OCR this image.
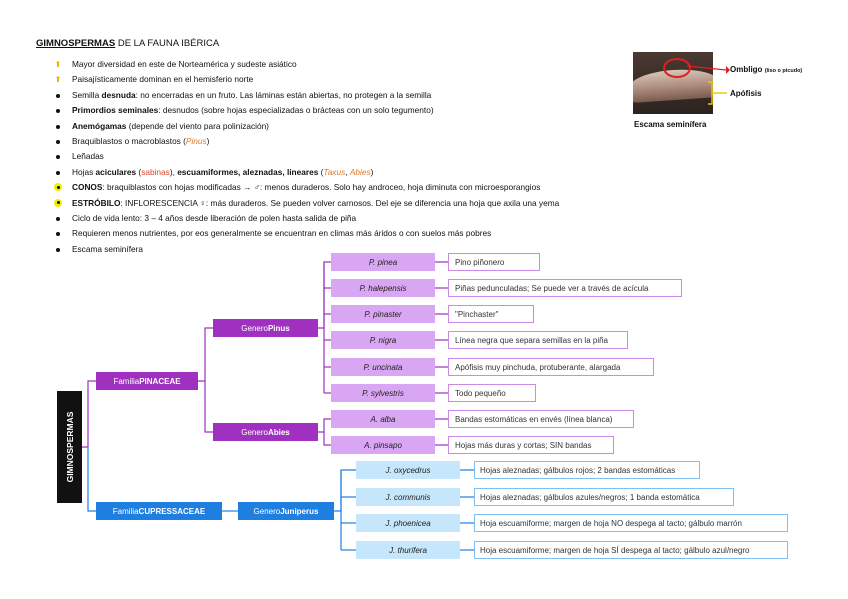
GIMNOSPERMAS DE LA FAUNA IBÉRICA
⬆	Mayor diversidad en este de Norteamérica y sudeste asiático
⬆	Paisajísticamente dominan en el hemisferio norte
Semilla desnuda: no encerradas en un fruto. Las láminas están abiertas, no protegen a la semilla
Primordios seminales: desnudos (sobre hojas especializadas o brácteas con un solo tegumento)
Anemógamas (depende del viento para polinización)
Braquiblastos o macroblastos (Pinus)
Leñadas
Hojas aciculares (sabinas), escuamiformes, aleznadas, lineares (Taxus, Abies)
CONOS: braquiblastos con hojas modificadas → ♂: menos duraderos. Solo hay androceo, hoja diminuta con microesporangios
ESTRÓBILO: INFLORESCENCIA ♀: más duraderos. Se pueden volver carnosos. Del eje se diferencia una hoja que axila una yema
Ciclo de vida lento: 3 – 4 años desde liberación de polen hasta salida de piña
Requieren menos nutrientes, por eos generalmente se encuentran en climas más áridos o con suelos más pobres
Escama seminífera
Escama seminífera
Ombligo (liso o picudo)
Apófisis
GIMNOSPERMAS
Familia PINACEAE
Familia CUPRESSACEAE
Genero Pinus
Genero Abies
Genero Juniperus
P. pinea	Pino piñonero
P. halepensis	Piñas pedunculadas; Se puede ver a través de acícula
P. pinaster	"Pinchaster"
P. nigra	Línea negra que separa semillas en la piña
P. uncinata	Apófisis muy pinchuda, protuberante, alargada
P. sylvestris	Todo pequeño
A. alba	Bandas estomáticas en envés (línea blanca)
A. pinsapo	Hojas más duras y cortas; SIN bandas
J. oxycedrus	Hojas aleznadas; gálbulos rojos; 2 bandas estomáticas
J. communis	Hojas aleznadas; gálbulos azules/negros; 1 banda estomática
J. phoenicea	Hoja escuamiforme; margen de hoja NO despega al tacto; gálbulo marrón
J. thurifera	Hoja escuamiforme; margen de hoja SÍ despega al tacto; gálbulo azul/negro
